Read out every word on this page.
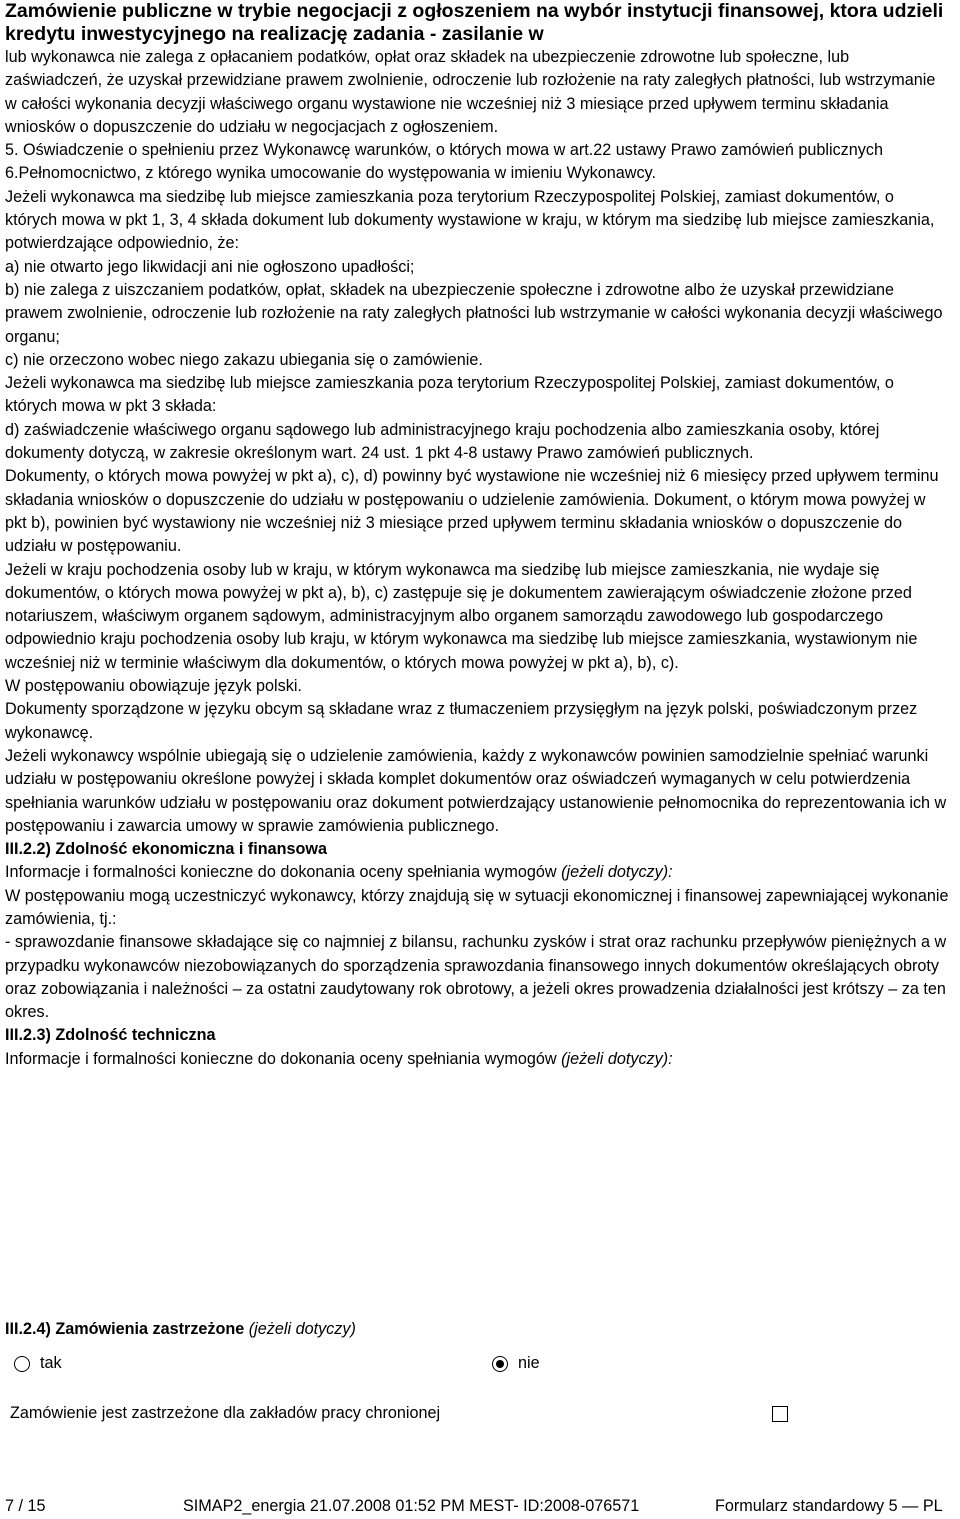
Zamówienie publiczne w trybie negocjacji z ogłoszeniem na wybór instytucji finansowej, ktora udzieli kredytu inwestycyjnego na realizację zadania - zasilanie w

lub wykonawca nie zalega z opłacaniem podatków, opłat oraz składek na ubezpieczenie zdrowotne lub społeczne, lub zaświadczeń, że uzyskał przewidziane prawem zwolnienie, odroczenie lub rozłożenie na raty zaległych płatności, lub wstrzymanie w całości wykonania decyzji właściwego organu wystawione nie wcześniej niż 3 miesiące przed upływem terminu składania wniosków o dopuszczenie do udziału w negocjacjach z ogłoszeniem.

5. Oświadczenie o spełnieniu przez Wykonawcę warunków, o których mowa w art.22 ustawy Prawo zamówień publicznych

6.Pełnomocnictwo, z którego wynika umocowanie do występowania w imieniu Wykonawcy.

Jeżeli wykonawca ma siedzibę lub miejsce zamieszkania poza terytorium Rzeczypospolitej Polskiej, zamiast dokumentów, o których mowa w pkt 1, 3, 4 składa dokument lub dokumenty wystawione w kraju, w którym ma siedzibę lub miejsce zamieszkania, potwierdzające odpowiednio, że:

a) nie otwarto jego likwidacji ani nie ogłoszono upadłości;

b) nie zalega z uiszczaniem podatków, opłat, składek na ubezpieczenie społeczne i zdrowotne albo że uzyskał przewidziane prawem zwolnienie, odroczenie lub rozłożenie na raty zaległych płatności lub wstrzymanie w całości wykonania decyzji właściwego organu;

c) nie orzeczono wobec niego zakazu ubiegania się o zamówienie.

Jeżeli wykonawca ma siedzibę lub miejsce zamieszkania poza terytorium Rzeczypospolitej Polskiej, zamiast dokumentów, o których mowa w pkt 3 składa:

d) zaświadczenie właściwego organu sądowego lub administracyjnego kraju pochodzenia albo zamieszkania osoby, której dokumenty dotyczą, w zakresie określonym wart. 24 ust. 1 pkt 4-8 ustawy Prawo zamówień publicznych.

Dokumenty, o których mowa powyżej w pkt a), c), d) powinny być wystawione nie wcześniej niż 6 miesięcy przed upływem terminu składania wniosków o dopuszczenie do udziału w postępowaniu o udzielenie zamówienia. Dokument, o którym mowa powyżej w pkt b), powinien być wystawiony nie wcześniej niż 3 miesiące przed upływem terminu składania wniosków o dopuszczenie do udziału w postępowaniu.

Jeżeli w kraju pochodzenia osoby lub w kraju, w którym wykonawca ma siedzibę lub miejsce zamieszkania, nie wydaje się dokumentów, o których mowa powyżej w pkt a), b), c) zastępuje się je dokumentem zawierającym oświadczenie złożone przed notariuszem, właściwym organem sądowym, administracyjnym albo organem samorządu zawodowego lub gospodarczego odpowiednio kraju pochodzenia osoby lub kraju, w którym wykonawca ma siedzibę lub miejsce zamieszkania, wystawionym nie wcześniej niż w terminie właściwym dla dokumentów, o których mowa powyżej w pkt a), b), c).

W postępowaniu obowiązuje język polski.

Dokumenty sporządzone w języku obcym są składane wraz z tłumaczeniem przysięgłym na język polski, poświadczonym przez wykonawcę.

Jeżeli wykonawcy wspólnie ubiegają się o udzielenie zamówienia, każdy z wykonawców powinien samodzielnie spełniać warunki udziału w postępowaniu określone powyżej i składa komplet dokumentów oraz oświadczeń wymaganych w celu potwierdzenia spełniania warunków udziału w postępowaniu oraz dokument potwierdzający ustanowienie pełnomocnika do reprezentowania ich w postępowaniu i zawarcia umowy w sprawie zamówienia publicznego.

III.2.2) Zdolność ekonomiczna i finansowa

Informacje i formalności konieczne do dokonania oceny spełniania wymogów (jeżeli dotyczy):

W postępowaniu mogą uczestniczyć wykonawcy, którzy znajdują się w sytuacji ekonomicznej i finansowej zapewniającej wykonanie zamówienia, tj.:

- sprawozdanie finansowe składające się co najmniej z bilansu, rachunku zysków i strat oraz rachunku przepływów pieniężnych a w przypadku wykonawców niezobowiązanych do sporządzenia sprawozdania finansowego innych dokumentów określających obroty oraz zobowiązania i należności – za ostatni zaudytowany rok obrotowy, a jeżeli okres prowadzenia działalności jest krótszy – za ten okres.

III.2.3) Zdolność techniczna

Informacje i formalności konieczne do dokonania oceny spełniania wymogów (jeżeli dotyczy):

III.2.4) Zamówienia zastrzeżone (jeżeli dotyczy)

tak	nie
Zamówienie jest zastrzeżone dla zakładów pracy chronionej
7 / 15	SIMAP2_energia 21.07.2008 01:52 PM MEST- ID:2008-076571	Formularz standardowy 5 — PL
